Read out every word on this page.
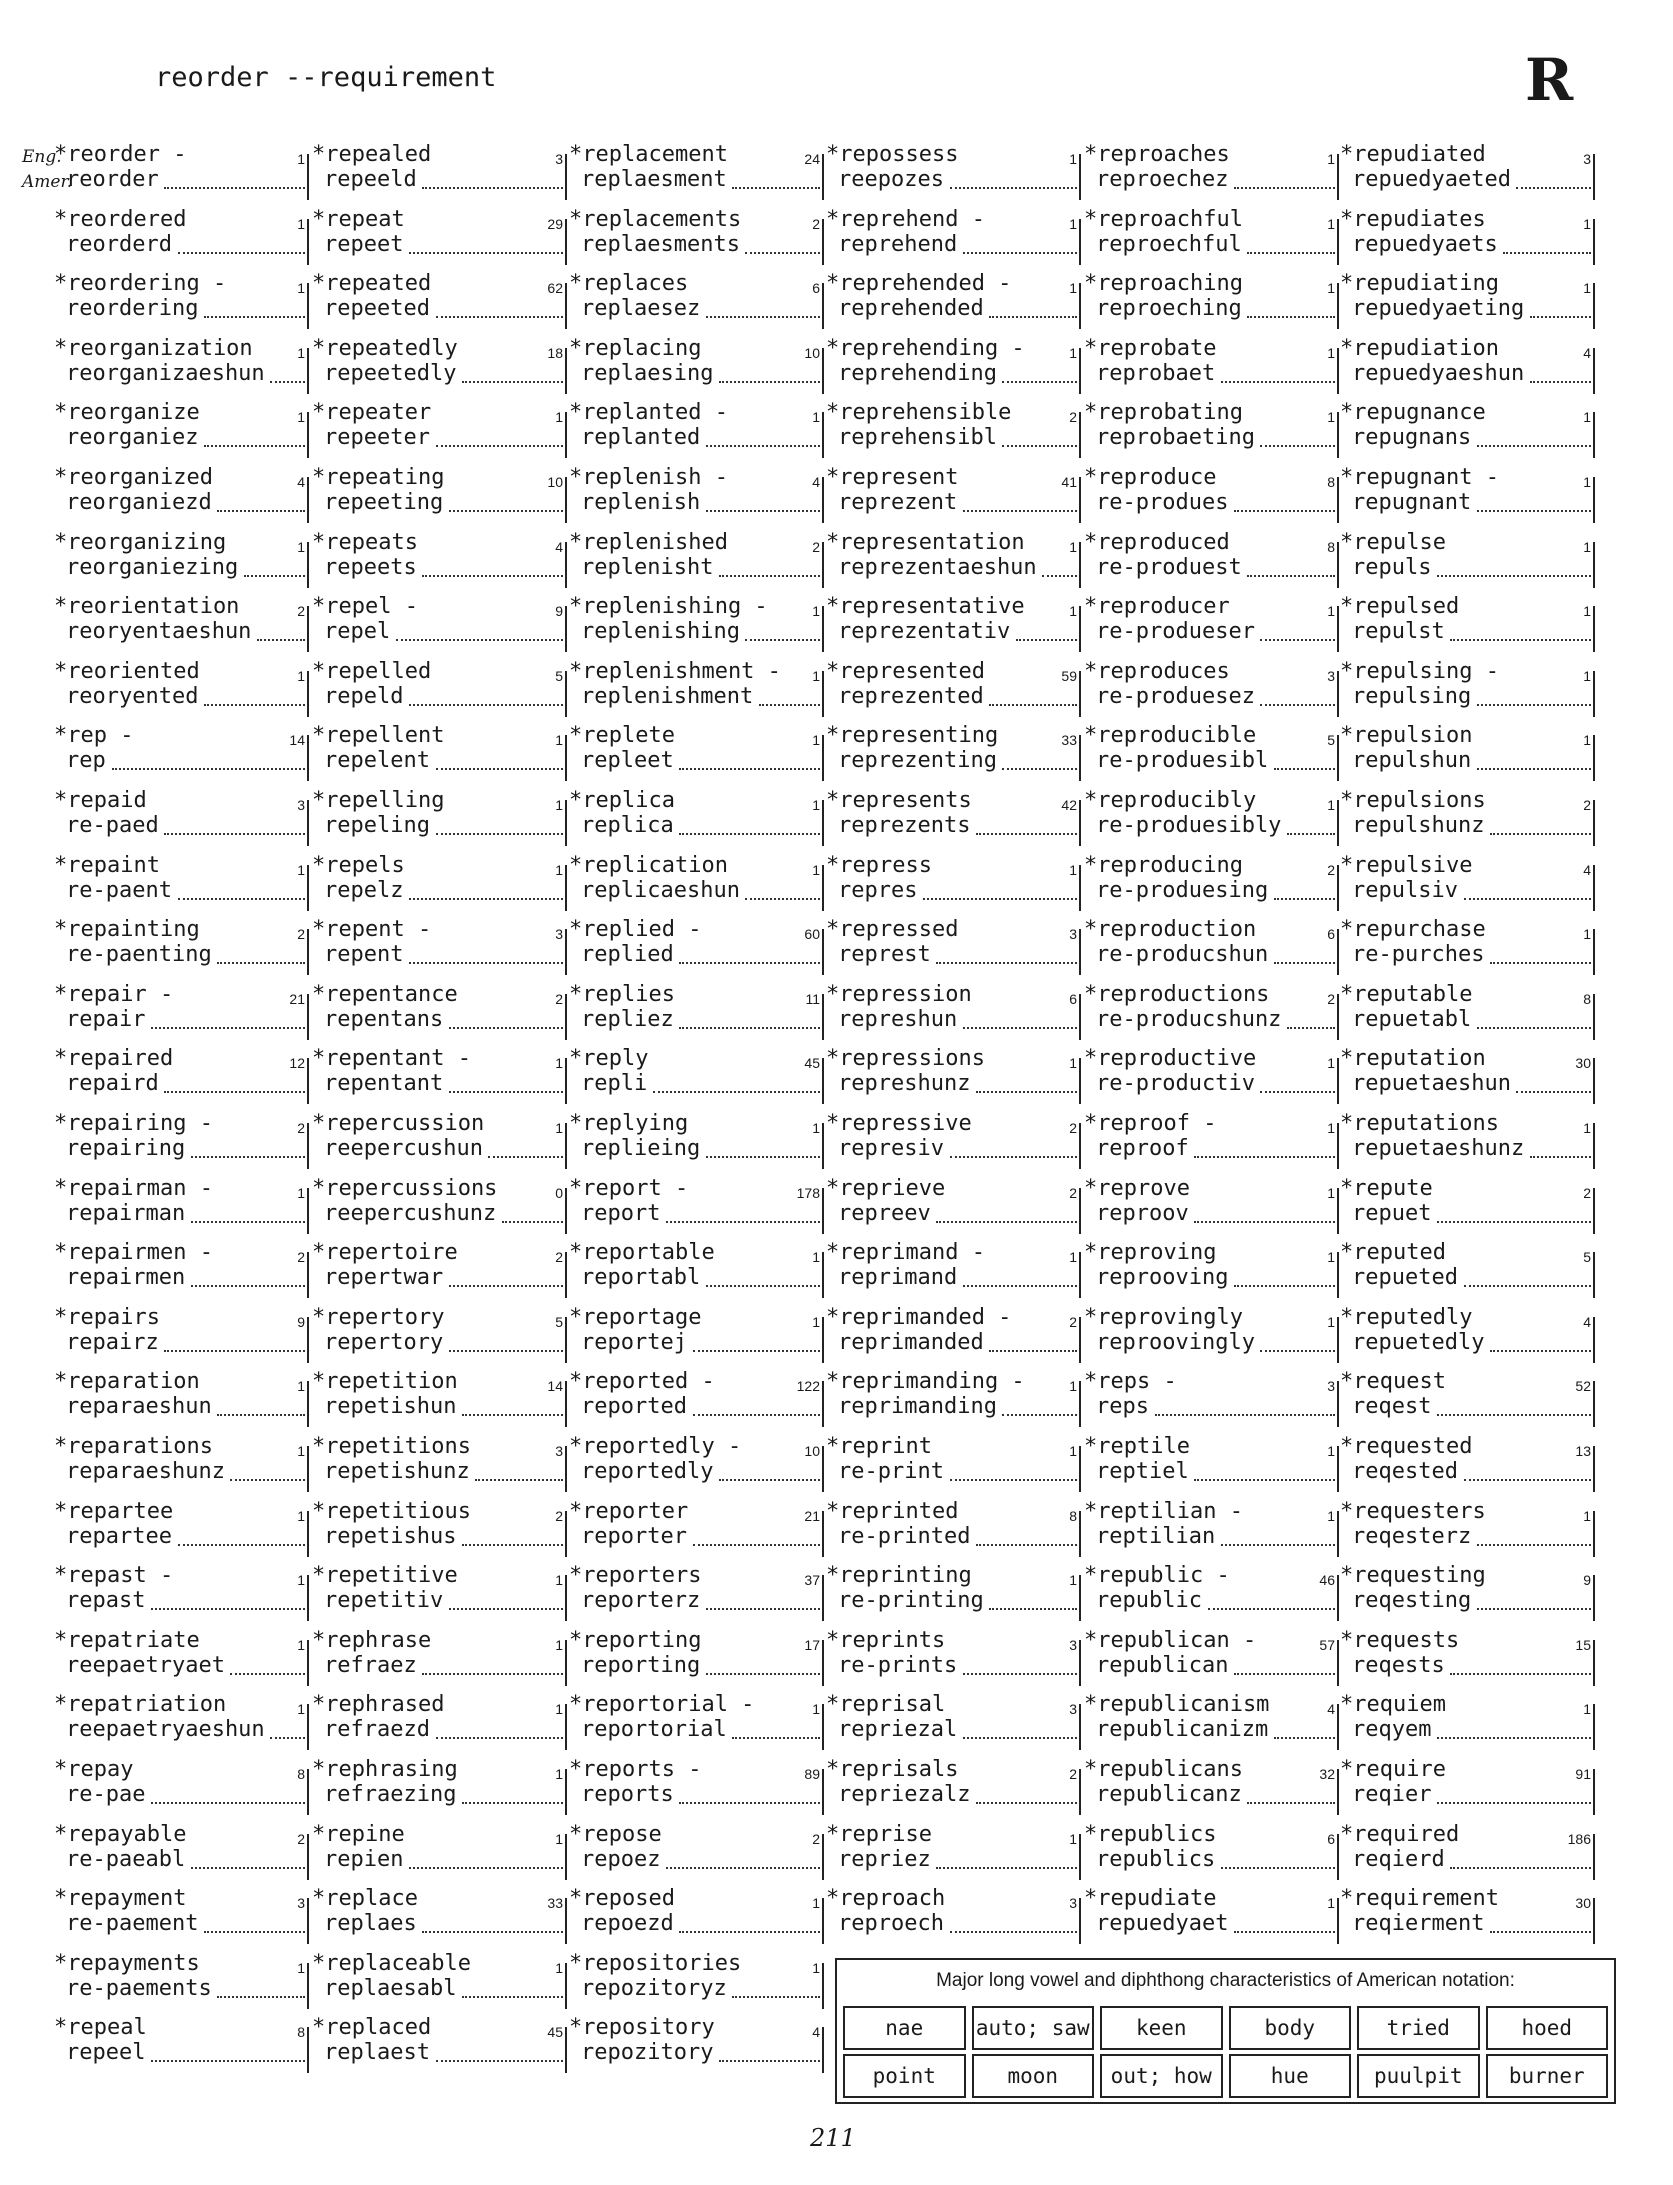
reorder --requirement	R
Eng.
Amer.
*reorder -
reorder
1
*reordered
reorderd
1
*reordering -
reordering
1
*reorganization
reorganizaeshun
1
*reorganize
reorganiez
1
*reorganized
reorganiezd
4
*reorganizing
reorganiezing
1
*reorientation
reoryentaeshun
2
*reoriented
reoryented
1
*rep -
rep
14
*repaid
re-paed
3
*repaint
re-paent
1
*repainting
re-paenting
2
*repair -
repair
21
*repaired
repaird
12
*repairing -
repairing
2
*repairman -
repairman
1
*repairmen -
repairmen
2
*repairs
repairz
9
*reparation
reparaeshun
1
*reparations
reparaeshunz
1
*repartee
repartee
1
*repast -
repast
1
*repatriate
reepaetryaet
1
*repatriation
reepaetryaeshun
1
*repay
re-pae
8
*repayable
re-paeabl
2
*repayment
re-paement
3
*repayments
re-paements
1
*repeal
repeel
8
*repealed
repeeld
3
*repeat
repeet
29
*repeated
repeeted
62
*repeatedly
repeetedly
18
*repeater
repeeter
1
*repeating
repeeting
10
*repeats
repeets
4
*repel -
repel
9
*repelled
repeld
5
*repellent
repelent
1
*repelling
repeling
1
*repels
repelz
1
*repent -
repent
3
*repentance
repentans
2
*repentant -
repentant
1
*repercussion
reepercushun
1
*repercussions
reepercushunz
0
*repertoire
repertwar
2
*repertory
repertory
5
*repetition
repetishun
14
*repetitions
repetishunz
3
*repetitious
repetishus
2
*repetitive
repetitiv
1
*rephrase
refraez
1
*rephrased
refraezd
1
*rephrasing
refraezing
1
*repine
repien
1
*replace
replaes
33
*replaceable
replaesabl
1
*replaced
replaest
45
*replacement
replaesment
24
*replacements
replaesments
2
*replaces
replaesez
6
*replacing
replaesing
10
*replanted -
replanted
1
*replenish -
replenish
4
*replenished
replenisht
2
*replenishing -
replenishing
1
*replenishment -
replenishment
1
*replete
repleet
1
*replica
replica
1
*replication
replicaeshun
1
*replied -
replied
60
*replies
repliez
11
*reply
repli
45
*replying
replieing
1
*report -
report
178
*reportable
reportabl
1
*reportage
reportej
1
*reported -
reported
122
*reportedly -
reportedly
10
*reporter
reporter
21
*reporters
reporterz
37
*reporting
reporting
17
*reportorial -
reportorial
1
*reports -
reports
89
*repose
repoez
2
*reposed
repoezd
1
*repositories
repozitoryz
1
*repository
repozitory
4
*repossess
reepozes
1
*reprehend -
reprehend
1
*reprehended -
reprehended
1
*reprehending -
reprehending
1
*reprehensible
reprehensibl
2
*represent
reprezent
41
*representation
reprezentaeshun
1
*representative
reprezentativ
1
*represented
reprezented
59
*representing
reprezenting
33
*represents
reprezents
42
*repress
repres
1
*repressed
represt
3
*repression
represhun
6
*repressions
represhunz
1
*repressive
represiv
2
*reprieve
repreev
2
*reprimand -
reprimand
1
*reprimanded -
reprimanded
2
*reprimanding -
reprimanding
1
*reprint
re-print
1
*reprinted
re-printed
8
*reprinting
re-printing
1
*reprints
re-prints
3
*reprisal
repriezal
3
*reprisals
repriezalz
2
*reprise
repriez
1
*reproach
reproech
3
*reproaches
reproechez
1
*reproachful
reproechful
1
*reproaching
reproeching
1
*reprobate
reprobaet
1
*reprobating
reprobaeting
1
*reproduce
re-produes
8
*reproduced
re-produest
8
*reproducer
re-produeser
1
*reproduces
re-produesez
3
*reproducible
re-produesibl
5
*reproducibly
re-produesibly
1
*reproducing
re-produesing
2
*reproduction
re-producshun
6
*reproductions
re-producshunz
2
*reproductive
re-productiv
1
*reproof -
reproof
1
*reprove
reproov
1
*reproving
reprooving
1
*reprovingly
reproovingly
1
*reps -
reps
3
*reptile
reptiel
1
*reptilian -
reptilian
1
*republic -
republic
46
*republican -
republican
57
*republicanism
republicanizm
4
*republicans
republicanz
32
*republics
republics
6
*repudiate
repuedyaet
1
*repudiated
repuedyaeted
3
*repudiates
repuedyaets
1
*repudiating
repuedyaeting
1
*repudiation
repuedyaeshun
4
*repugnance
repugnans
1
*repugnant -
repugnant
1
*repulse
repuls
1
*repulsed
repulst
1
*repulsing -
repulsing
1
*repulsion
repulshun
1
*repulsions
repulshunz
2
*repulsive
repulsiv
4
*repurchase
re-purches
1
*reputable
repuetabl
8
*reputation
repuetaeshun
30
*reputations
repuetaeshunz
1
*repute
repuet
2
*reputed
repueted
5
*reputedly
repuetedly
4
*request
reqest
52
*requested
reqested
13
*requesters
reqesterz
1
*requesting
reqesting
9
*requests
reqests
15
*requiem
reqyem
1
*require
reqier
91
*required
reqierd
186
*requirement
reqierment
30
Major long vowel and diphthong characteristics of American notation:
nae	auto; saw	keen	body	tried	hoed
point	moon	out; how	hue	puulpit	burner
211
